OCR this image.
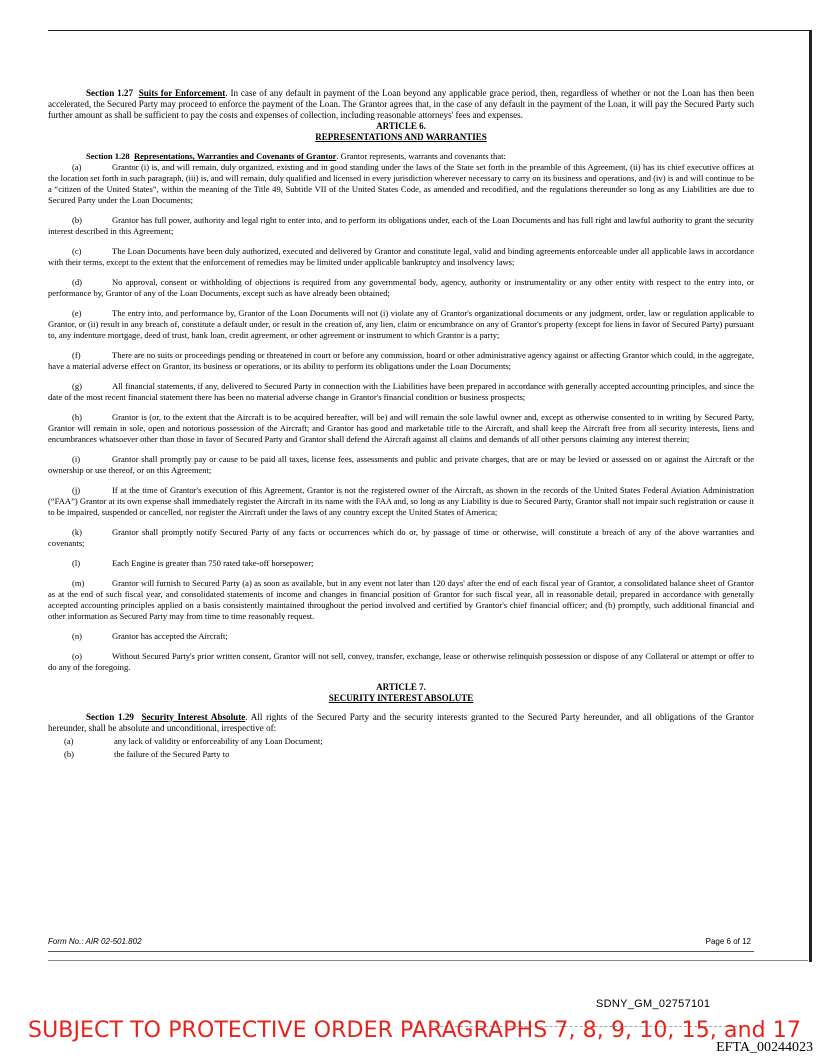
Section 1.27 Suits for Enforcement. In case of any default in payment of the Loan beyond any applicable grace period, then, regardless of whether or not the Loan has then been accelerated, the Secured Party may proceed to enforce the payment of the Loan. The Grantor agrees that, in the case of any default in the payment of the Loan, it will pay the Secured Party such further amount as shall be sufficient to pay the costs and expenses of collection, including reasonable attorneys' fees and expenses.

ARTICLE 6.

REPRESENTATIONS AND WARRANTIES

Section 1.28 Representations, Warranties and Covenants of Grantor. Grantor represents, warrants and covenants that:

(a)	Grantor (i) is, and will remain, duly organized, existing and in good standing under the laws of the State set forth in the preamble of this Agreement, (ii) has its chief executive offices at the location set forth in such paragraph, (iii) is, and will remain, duly qualified and licensed in every jurisdiction wherever necessary to carry on its business and operations, and (iv) is and will continue to be a “citizen of the United States”, within the meaning of the Title 49, Subtitle VII of the United States Code, as amended and recodified, and the regulations thereunder so long as any Liabilities are due to Secured Party under the Loan Documents;

(b)	Grantor has full power, authority and legal right to enter into, and to perform its obligations under, each of the Loan Documents and has full right and lawful authority to grant the security interest described in this Agreement;

(c)	The Loan Documents have been duly authorized, executed and delivered by Grantor and constitute legal, valid and binding agreements enforceable under all applicable laws in accordance with their terms, except to the extent that the enforcement of remedies may be limited under applicable bankruptcy and insolvency laws;

(d)	No approval, consent or withholding of objections is required from any governmental body, agency, authority or instrumentality or any other entity with respect to the entry into, or performance by, Grantor of any of the Loan Documents, except such as have already been obtained;

(e)	The entry into, and performance by, Grantor of the Loan Documents will not (i) violate any of Grantor's organizational documents or any judgment, order, law or regulation applicable to Grantor, or (ii) result in any breach of, constitute a default under, or result in the creation of, any lien, claim or encumbrance on any of Grantor's property (except for liens in favor of Secured Party) pursuant to, any indenture mortgage, deed of trust, bank loan, credit agreement, or other agreement or instrument to which Grantor is a party;

(f)	There are no suits or proceedings pending or threatened in court or before any commission, board or other administrative agency against or affecting Grantor which could, in the aggregate, have a material adverse effect on Grantor, its business or operations, or its ability to perform its obligations under the Loan Documents;

(g)	All financial statements, if any, delivered to Secured Party in connection with the Liabilities have been prepared in accordance with generally accepted accounting principles, and since the date of the most recent financial statement there has been no material adverse change in Grantor's financial condition or business prospects;

(h)	Grantor is (or, to the extent that the Aircraft is to be acquired hereafter, will be) and will remain the sole lawful owner and, except as otherwise consented to in writing by Secured Party, Grantor will remain in sole, open and notorious possession of the Aircraft; and Grantor has good and marketable title to the Aircraft, and shall keep the Aircraft free from all security interests, liens and encumbrances whatsoever other than those in favor of Secured Party and Grantor shall defend the Aircraft against all claims and demands of all other persons claiming any interest therein;

(i)	Grantor shall promptly pay or cause to be paid all taxes, license fees, assessments and public and private charges, that are or may be levied or assessed on or against the Aircraft or the ownership or use thereof, or on this Agreement;

(j)	If at the time of Grantor's execution of this Agreement, Grantor is not the registered owner of the Aircraft, as shown in the records of the United States Federal Aviation Administration (“FAA”) Grantor at its own expense shall immediately register the Aircraft in its name with the FAA and, so long as any Liability is due to Secured Party, Grantor shall not impair such registration or cause it to be impaired, suspended or cancelled, nor register the Aircraft under the laws of any country except the United States of America;

(k)	Grantor shall promptly notify Secured Party of any facts or occurrences which do or, by passage of time or otherwise, will constitute a breach of any of the above warranties and covenants;

(l)	Each Engine is greater than 750 rated take-off horsepower;

(m)	Grantor will furnish to Secured Party (a) as soon as available, but in any event not later than 120 days' after the end of each fiscal year of Grantor, a consolidated balance sheet of Grantor as at the end of such fiscal year, and consolidated statements of income and changes in financial position of Grantor for such fiscal year, all in reasonable detail, prepared in accordance with generally accepted accounting principles applied on a basis consistently maintained throughout the period involved and certified by Grantor's chief financial officer; and (b) promptly, such additional financial and other information as Secured Party may from time to time reasonably request.

(n)	Grantor has accepted the Aircraft;

(o)	Without Secured Party's prior written consent, Grantor will not sell, convey, transfer, exchange, lease or otherwise relinquish possession or dispose of any Collateral or attempt or offer to do any of the foregoing.

ARTICLE 7.

SECURITY INTEREST ABSOLUTE

Section 1.29 Security Interest Absolute. All rights of the Secured Party and the security interests granted to the Secured Party hereunder, and all obligations of the Grantor hereunder, shall be absolute and unconditional, irrespective of:

(a)	any lack of validity or enforceability of any Loan Document;

(b)	the failure of the Secured Party to

Form No.: AIR 02-501.802	Page 6 of 12
SDNY_GM_02757101
SUBJECT TO PROTECTIVE ORDER PARAGRAPHS 7, 8, 9, 10, 15, and 17
EFTA_00244023
